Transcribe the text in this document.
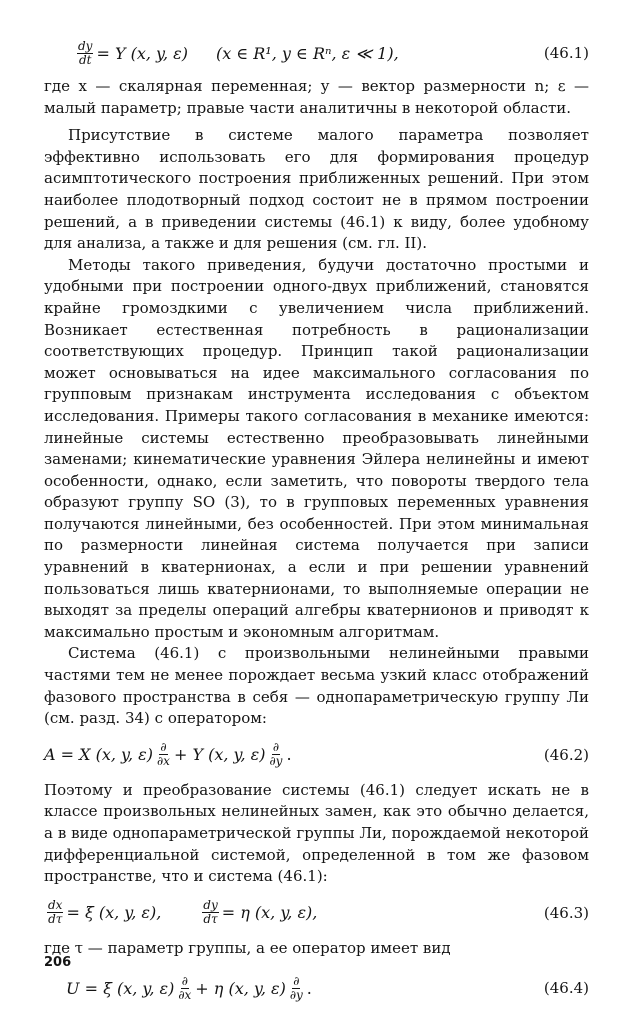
$\frac{dy}{dt} = Y$ (x, y, ε) (x ∈ R¹, y ∈ Rⁿ, ε ≪ 1),	(46.1)

где x — скалярная переменная; y — вектор размерности n; ε — малый параметр; правые части аналитичны в некоторой области.

Присутствие в системе малого параметра позволяет эффективно использовать его для формирования процедур асимптотического построения приближенных решений. При этом наиболее плодотворный подход состоит не в прямом построении решений, а в приведении системы (46.1) к виду, более удобному для анализа, а также и для решения (см. гл. II).

Методы такого приведения, будучи достаточно простыми и удобными при построении одного-двух приближений, становятся крайне громоздкими с увеличением числа приближений. Возникает естественная потребность в рационализации соответствующих процедур. Принцип такой рационализации может основываться на идее максимального согласования по групповым признакам инструмента исследования с объектом исследования. Примеры такого согласования в механике имеются: линейные системы естественно преобразовывать линейными заменами; кинематические уравнения Эйлера нелинейны и имеют особенности, однако, если заметить, что повороты твердого тела образуют группу SO (3), то в групповых переменных уравнения получаются линейными, без особенностей. При этом минимальная по размерности линейная система получается при записи уравнений в кватернионах, а если и при решении уравнений пользоваться лишь кватернионами, то выполняемые операции не выходят за пределы операций алгебры кватернионов и приводят к максимально простым и экономным алгоритмам.

Система (46.1) с произвольными нелинейными правыми частями тем не менее порождает весьма узкий класс отображений фазового пространства в себя — однопараметрическую группу Ли (см. разд. 34) с оператором:

A = X (x, y, $\varepsilon) \frac{\partial}{\partial x} + Y$ (x, y, $\varepsilon) \frac{\partial}{\partial y}$ .	(46.2)

Поэтому и преобразование системы (46.1) следует искать не в классе произвольных нелинейных замен, как это обычно делается, а в виде однопараметрической группы Ли, порождаемой некоторой дифференциальной системой, определенной в том же фазовом пространстве, что и система (46.1):

$\frac{dx}{d\tau} = \xi$ (x, y, ε),	$\frac{dy}{d\tau} = \eta$ (x, y, ε),	(46.3)

где τ — параметр группы, а ее оператор имеет вид

U = ξ (x, y, $\varepsilon) \frac{\partial}{\partial x} + \eta$ (x, y, $\varepsilon) \frac{\partial}{\partial y}$ .	(46.4)
206
